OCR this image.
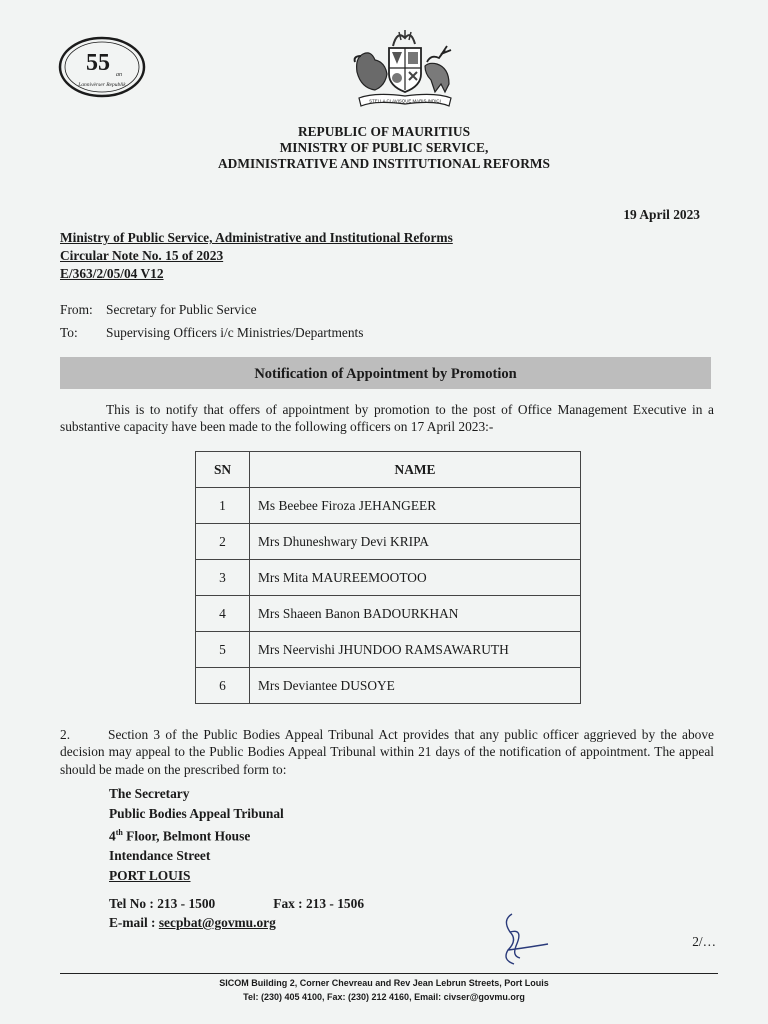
55 an
Lannivèrser Republik
STELLA CLAVISQUE MARIS INDICI
REPUBLIC OF MAURITIUS
MINISTRY OF PUBLIC SERVICE,
ADMINISTRATIVE AND INSTITUTIONAL REFORMS
19 April 2023
Ministry of Public Service, Administrative and Institutional Reforms
Circular Note No. 15 of 2023
E/363/2/05/04 V12
From: Secretary for Public Service
To: Supervising Officers i/c Ministries/Departments
Notification of Appointment by Promotion
This is to notify that offers of appointment by promotion to the post of Office Management Executive in a substantive capacity have been made to the following officers on 17 April 2023:-
SN	NAME
1	Ms Beebee Firoza JEHANGEER
2	Mrs Dhuneshwary Devi KRIPA
3	Mrs Mita MAUREEMOOTOO
4	Mrs Shaeen Banon BADOURKHAN
5	Mrs Neervishi JHUNDOO RAMSAWARUTH
6	Mrs Deviantee DUSOYE
2.	Section 3 of the Public Bodies Appeal Tribunal Act provides that any public officer aggrieved by the above decision may appeal to the Public Bodies Appeal Tribunal within 21 days of the notification of appointment. The appeal should be made on the prescribed form to:
The Secretary
Public Bodies Appeal Tribunal
4th Floor, Belmont House
Intendance Street
PORT LOUIS
Tel No : 213 - 1500	Fax : 213 - 1506
E-mail : secpbat@govmu.org
2/…
SICOM Building 2, Corner Chevreau and Rev Jean Lebrun Streets, Port Louis
Tel: (230) 405 4100, Fax: (230) 212 4160, Email: civser@govmu.org
